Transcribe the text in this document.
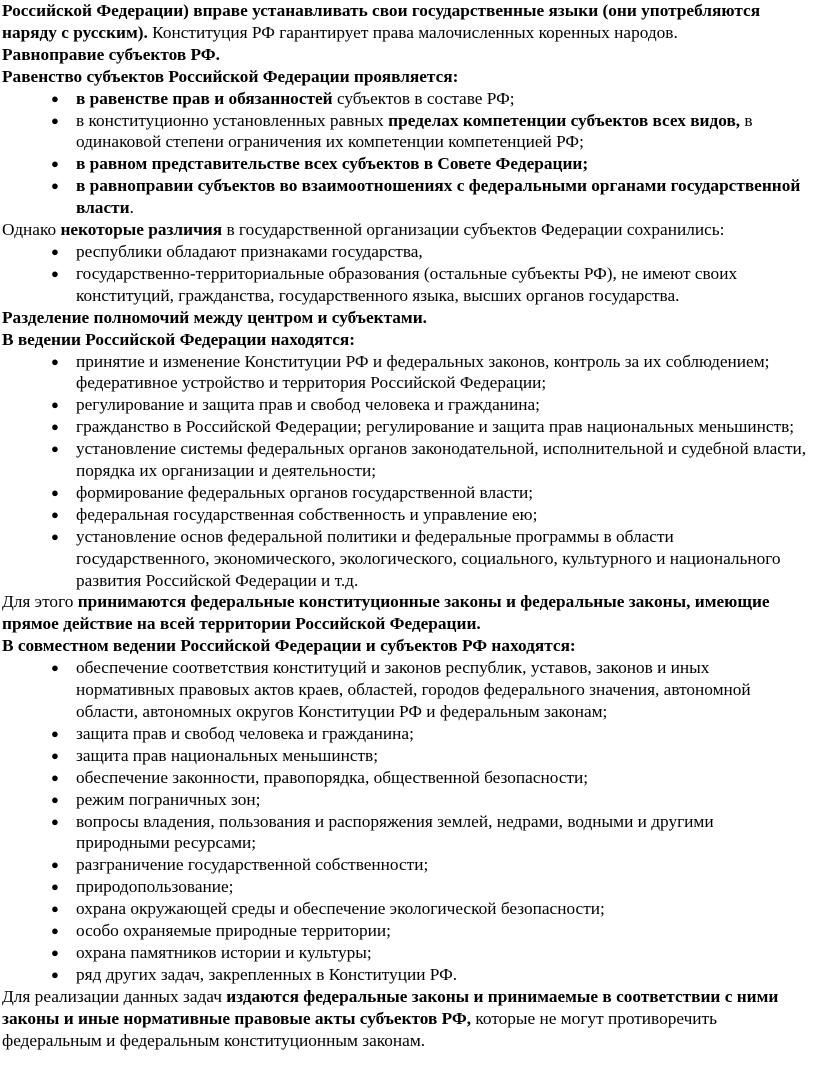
Российской Федерации) вправе устанавливать свои государственные языки (они употребляются наряду с русским). Конституция РФ гарантирует права малочисленных коренных народов.

Равноправие субъектов РФ.

Равенство субъектов Российской Федерации проявляется:

● в равенстве прав и обязанностей субъектов в составе РФ;
● в конституционно установленных равных пределах компетенции субъектов всех видов, в одинаковой степени ограничения их компетенции компетенцией РФ;
● в равном представительстве всех субъектов в Совете Федерации;
● в равноправии субъектов во взаимоотношениях с федеральными органами государственной власти.

Однако некоторые различия в государственной организации субъектов Федерации сохранились:

● республики обладают признаками государства,
● государственно-территориальные образования (остальные субъекты РФ), не имеют своих конституций, гражданства, государственного языка, высших органов государства.

Разделение полномочий между центром и субъектами.

В ведении Российской Федерации находятся:

● принятие и изменение Конституции РФ и федеральных законов, контроль за их соблюдением; федеративное устройство и территория Российской Федерации;
● регулирование и защита прав и свобод человека и гражданина;
● гражданство в Российской Федерации; регулирование и защита прав национальных меньшинств;
● установление системы федеральных органов законодательной, исполнительной и судебной власти, порядка их организации и деятельности;
● формирование федеральных органов государственной власти;
● федеральная государственная собственность и управление ею;
● установление основ федеральной политики и федеральные программы в области государственного, экономического, экологического, социального, культурного и национального развития Российской Федерации и т.д.

Для этого принимаются федеральные конституционные законы и федеральные законы, имеющие прямое действие на всей территории Российской Федерации.

В совместном ведении Российской Федерации и субъектов РФ находятся:

● обеспечение соответствия конституций и законов республик, уставов, законов и иных нормативных правовых актов краев, областей, городов федерального значения, автономной области, автономных округов Конституции РФ и федеральным законам;
● защита прав и свобод человека и гражданина;
● защита прав национальных меньшинств;
● обеспечение законности, правопорядка, общественной безопасности;
● режим пограничных зон;
● вопросы владения, пользования и распоряжения землей, недрами, водными и другими природными ресурсами;
● разграничение государственной собственности;
● природопользование;
● охрана окружающей среды и обеспечение экологической безопасности;
● особо охраняемые природные территории;
● охрана памятников истории и культуры;
● ряд других задач, закрепленных в Конституции РФ.

Для реализации данных задач издаются федеральные законы и принимаемые в соответствии с ними законы и иные нормативные правовые акты субъектов РФ, которые не могут противоречить федеральным и федеральным конституционным законам.
